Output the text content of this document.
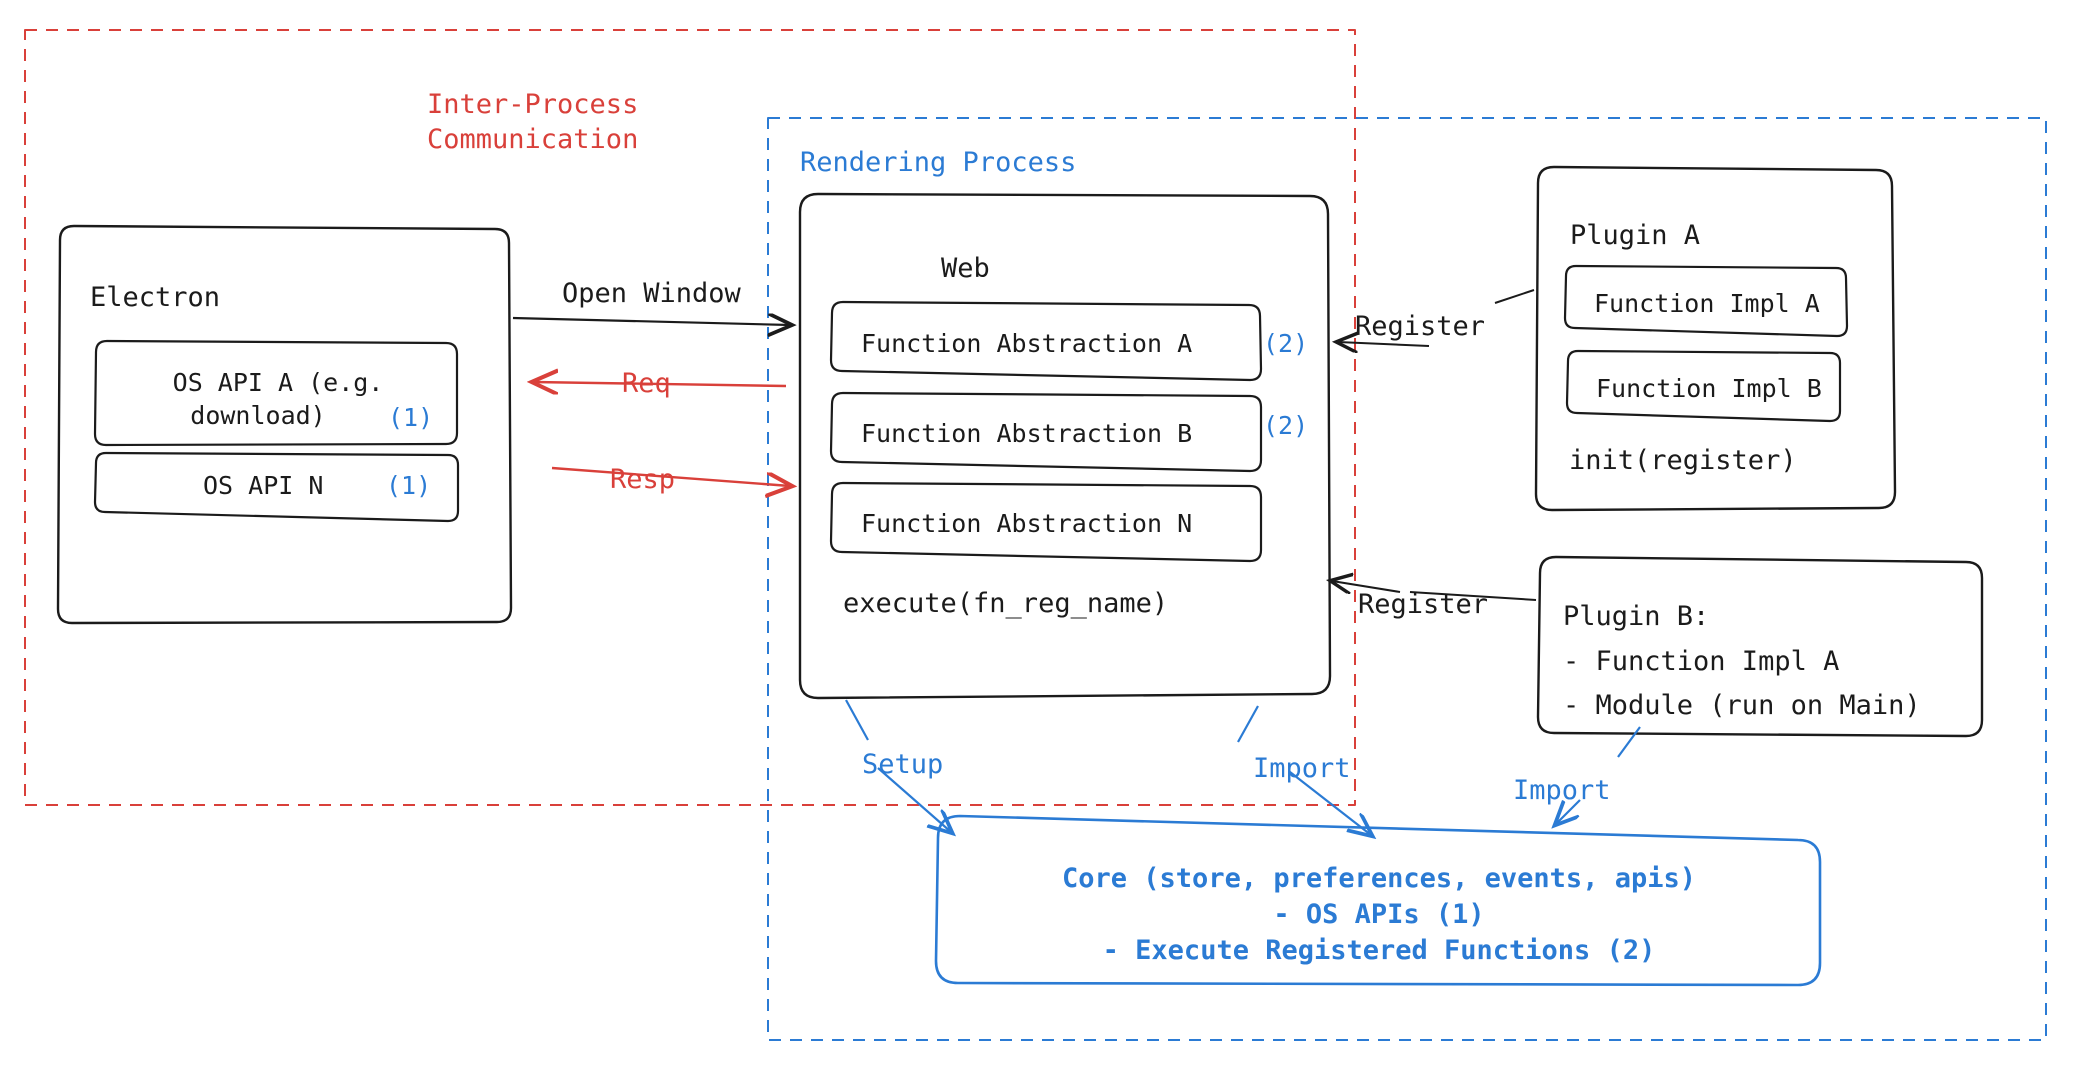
Inter-Process
Communication
Rendering Process
Electron
OS API A (e.g.
download)	(1)
OS API N	(1)
Web
Function Abstraction A	(2)
Function Abstraction B	(2)
Function Abstraction N
execute(fn_reg_name)
Plugin A
Function Impl A
Function Impl B
init(register)
Plugin B:
- Function Impl A
- Module (run on Main)
Core (store, preferences, events, apis)
- OS APIs (1)
- Execute Registered Functions (2)
Open Window
Req
Resp
Register
Register
Setup	Import
Import
